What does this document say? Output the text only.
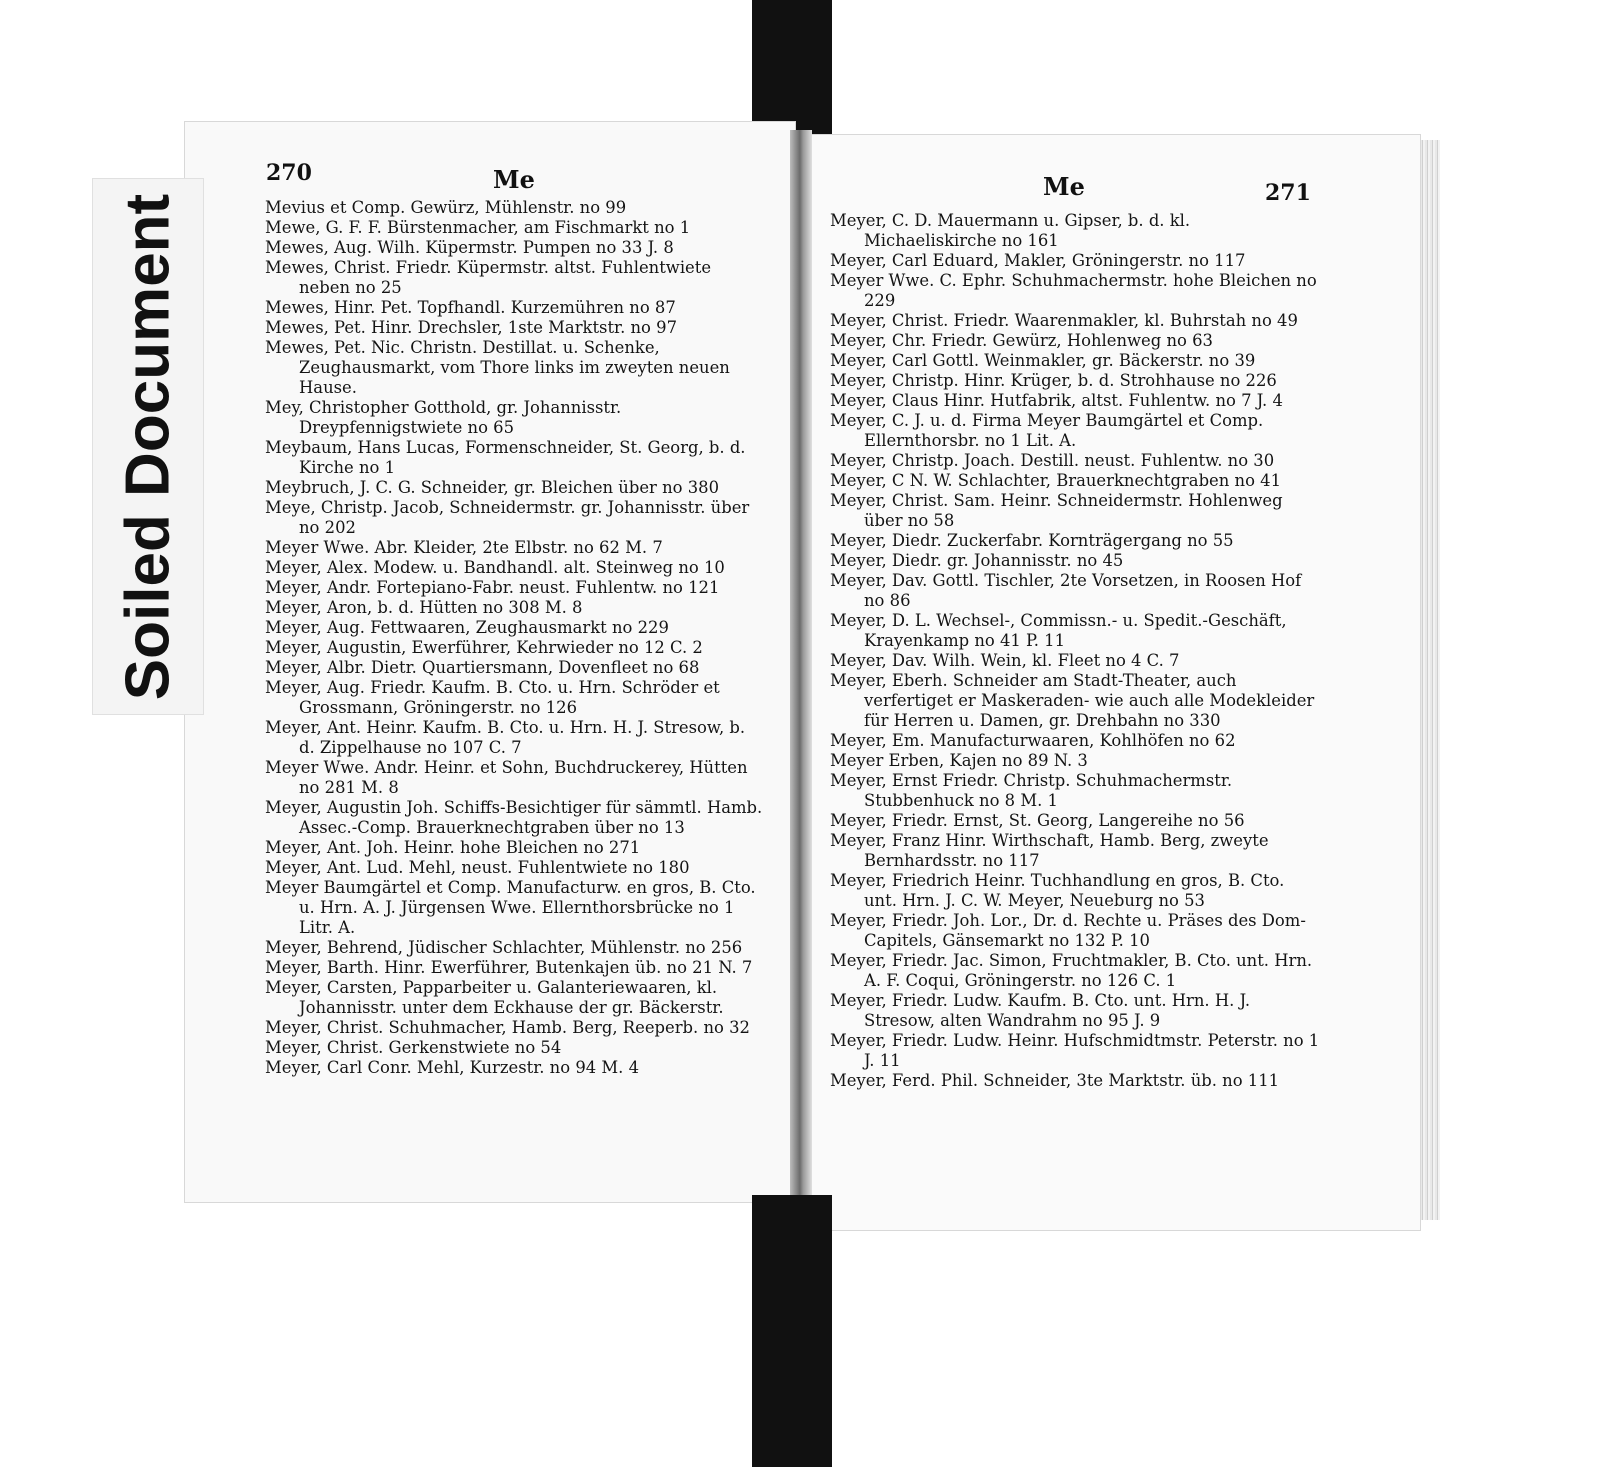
Soiled Document
270	Me
Mevius et Comp. Gewürz, Mühlenstr. no 99
Mewe, G. F. F. Bürstenmacher, am Fischmarkt no 1
Mewes, Aug. Wilh. Küpermstr. Pumpen no 33 J. 8
Mewes, Christ. Friedr. Küpermstr. altst. Fuhlentwiete neben no 25
Mewes, Hinr. Pet. Topfhandl. Kurzemühren no 87
Mewes, Pet. Hinr. Drechsler, 1ste Marktstr. no 97
Mewes, Pet. Nic. Christn. Destillat. u. Schenke, Zeughausmarkt, vom Thore links im zweyten neuen Hause.
Mey, Christopher Gotthold, gr. Johannisstr. Dreypfennigstwiete no 65
Meybaum, Hans Lucas, Formenschneider, St. Georg, b. d. Kirche no 1
Meybruch, J. C. G. Schneider, gr. Bleichen über no 380
Meye, Christp. Jacob, Schneidermstr. gr. Johannisstr. über no 202
Meyer Wwe. Abr. Kleider, 2te Elbstr. no 62 M. 7
Meyer, Alex. Modew. u. Bandhandl. alt. Steinweg no 10
Meyer, Andr. Fortepiano-Fabr. neust. Fuhlentw. no 121
Meyer, Aron, b. d. Hütten no 308 M. 8
Meyer, Aug. Fettwaaren, Zeughausmarkt no 229
Meyer, Augustin, Ewerführer, Kehrwieder no 12 C. 2
Meyer, Albr. Dietr. Quartiersmann, Dovenfleet no 68
Meyer, Aug. Friedr. Kaufm. B. Cto. u. Hrn. Schröder et Grossmann, Gröningerstr. no 126
Meyer, Ant. Heinr. Kaufm. B. Cto. u. Hrn. H. J. Stresow, b. d. Zippelhause no 107 C. 7
Meyer Wwe. Andr. Heinr. et Sohn, Buchdruckerey, Hütten no 281 M. 8
Meyer, Augustin Joh. Schiffs-Besichtiger für sämmtl. Hamb. Assec.-Comp. Brauerknechtgraben über no 13
Meyer, Ant. Joh. Heinr. hohe Bleichen no 271
Meyer, Ant. Lud. Mehl, neust. Fuhlentwiete no 180
Meyer Baumgärtel et Comp. Manufacturw. en gros, B. Cto. u. Hrn. A. J. Jürgensen Wwe. Ellernthorsbrücke no 1 Litr. A.
Meyer, Behrend, Jüdischer Schlachter, Mühlenstr. no 256
Meyer, Barth. Hinr. Ewerführer, Butenkajen üb. no 21 N. 7
Meyer, Carsten, Papparbeiter u. Galanteriewaaren, kl. Johannisstr. unter dem Eckhause der gr. Bäckerstr.
Meyer, Christ. Schuhmacher, Hamb. Berg, Reeperb. no 32
Meyer, Christ. Gerkenstwiete no 54
Meyer, Carl Conr. Mehl, Kurzestr. no 94 M. 4
Me	271
Meyer, C. D. Mauermann u. Gipser, b. d. kl. Michaeliskirche no 161
Meyer, Carl Eduard, Makler, Gröningerstr. no 117
Meyer Wwe. C. Ephr. Schuhmachermstr. hohe Bleichen no 229
Meyer, Christ. Friedr. Waarenmakler, kl. Buhrstah no 49
Meyer, Chr. Friedr. Gewürz, Hohlenweg no 63
Meyer, Carl Gottl. Weinmakler, gr. Bäckerstr. no 39
Meyer, Christp. Hinr. Krüger, b. d. Strohhause no 226
Meyer, Claus Hinr. Hutfabrik, altst. Fuhlentw. no 7 J. 4
Meyer, C. J. u. d. Firma Meyer Baumgärtel et Comp. Ellernthorsbr. no 1 Lit. A.
Meyer, Christp. Joach. Destill. neust. Fuhlentw. no 30
Meyer, C N. W. Schlachter, Brauerknechtgraben no 41
Meyer, Christ. Sam. Heinr. Schneidermstr. Hohlenweg über no 58
Meyer, Diedr. Zuckerfabr. Kornträgergang no 55
Meyer, Diedr. gr. Johannisstr. no 45
Meyer, Dav. Gottl. Tischler, 2te Vorsetzen, in Roosen Hof no 86
Meyer, D. L. Wechsel-, Commissn.- u. Spedit.-Geschäft, Krayenkamp no 41 P. 11
Meyer, Dav. Wilh. Wein, kl. Fleet no 4 C. 7
Meyer, Eberh. Schneider am Stadt-Theater, auch verfertiget er Maskeraden- wie auch alle Modekleider für Herren u. Damen, gr. Drehbahn no 330
Meyer, Em. Manufacturwaaren, Kohlhöfen no 62
Meyer Erben, Kajen no 89 N. 3
Meyer, Ernst Friedr. Christp. Schuhmachermstr. Stubbenhuck no 8 M. 1
Meyer, Friedr. Ernst, St. Georg, Langereihe no 56
Meyer, Franz Hinr. Wirthschaft, Hamb. Berg, zweyte Bernhardsstr. no 117
Meyer, Friedrich Heinr. Tuchhandlung en gros, B. Cto. unt. Hrn. J. C. W. Meyer, Neueburg no 53
Meyer, Friedr. Joh. Lor., Dr. d. Rechte u. Präses des Dom-Capitels, Gänsemarkt no 132 P. 10
Meyer, Friedr. Jac. Simon, Fruchtmakler, B. Cto. unt. Hrn. A. F. Coqui, Gröningerstr. no 126 C. 1
Meyer, Friedr. Ludw. Kaufm. B. Cto. unt. Hrn. H. J. Stresow, alten Wandrahm no 95 J. 9
Meyer, Friedr. Ludw. Heinr. Hufschmidtmstr. Peterstr. no 1 J. 11
Meyer, Ferd. Phil. Schneider, 3te Marktstr. üb. no 111
